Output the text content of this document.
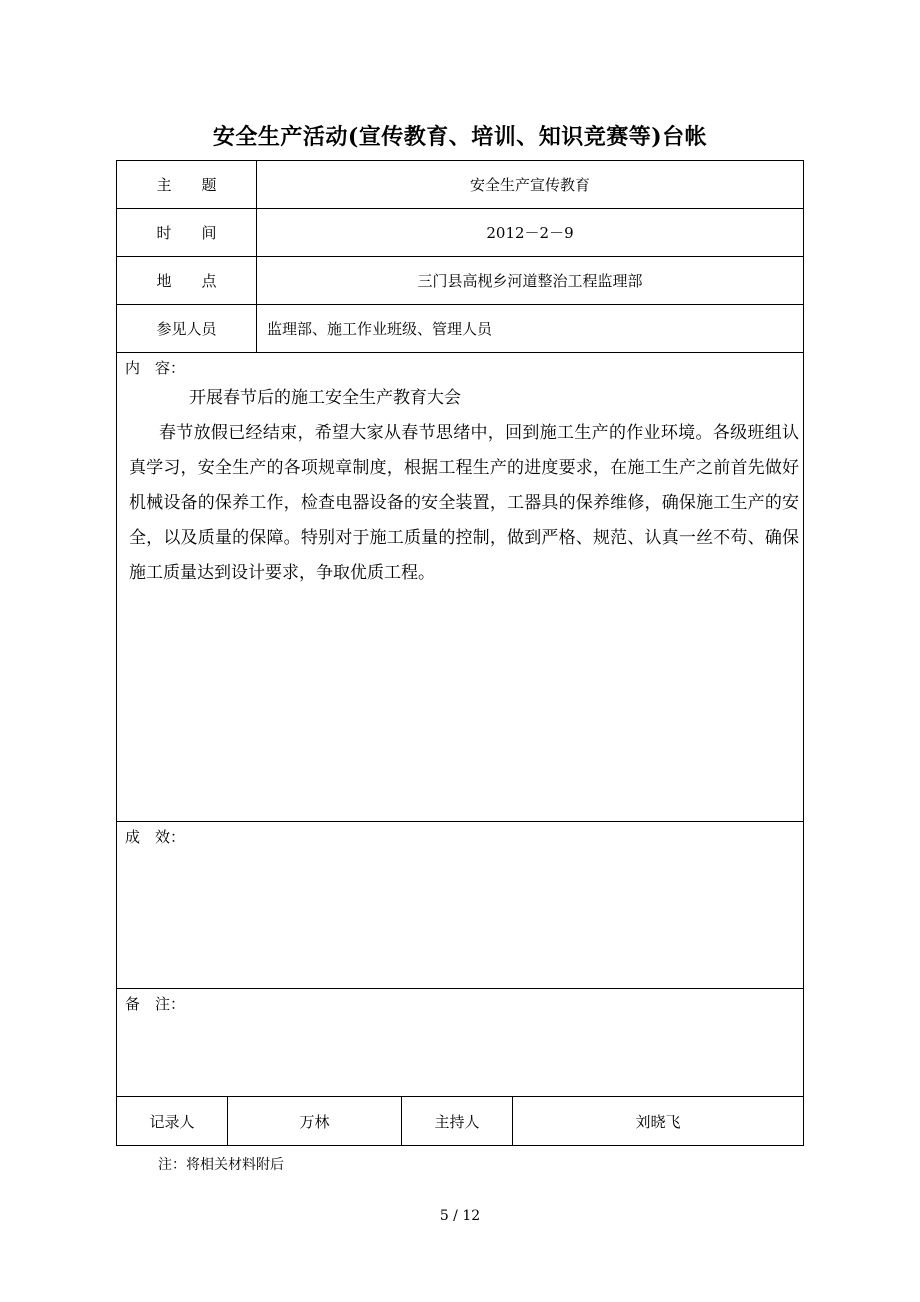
安全生产活动(宣传教育、培训、知识竞赛等)台帐
主　　题	安全生产宣传教育
时　　间	2012－2－9
地　　点	三门县高枧乡河道整治工程监理部
参见人员	监理部、施工作业班级、管理人员
内　容：
开展春节后的施工安全生产教育大会
春节放假已经结束，希望大家从春节思绪中，回到施工生产的作业环境。各级班组认真学习，安全生产的各项规章制度，根据工程生产的进度要求，在施工生产之前首先做好机械设备的保养工作，检查电器设备的安全装置，工器具的保养维修，确保施工生产的安全，以及质量的保障。特别对于施工质量的控制，做到严格、规范、认真一丝不苟、确保施工质量达到设计要求，争取优质工程。
成　效：
备　注：
记录人	万林	主持人	刘晓飞
注：将相关材料附后
5 / 12
